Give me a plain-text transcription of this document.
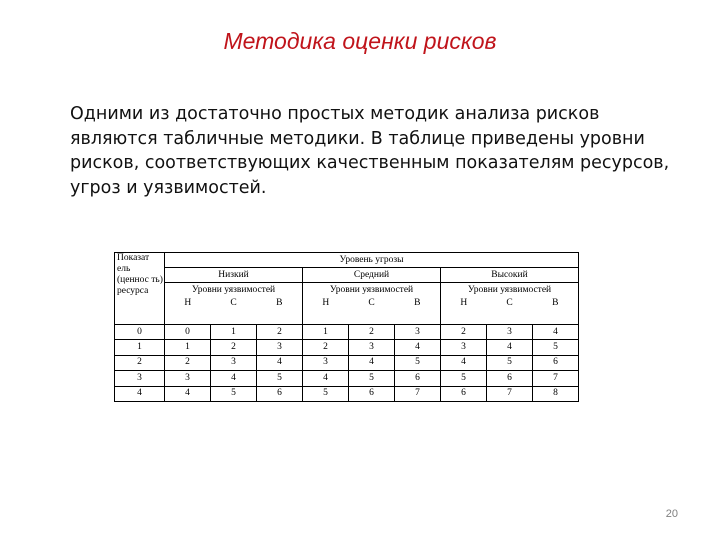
Методика оценки рисков
Одними из достаточно простых методик анализа рисков являются табличные методики. В таблице приведены уровни рисков, соответствующих качественным показателям ресурсов, угроз и уязвимостей.
Показат ель (ценнос ть) ресурса	Уровень угрозы								
	Низкий			Средний			Высокий		
	Уровни уязвимостей			Уровни уязвимостей			Уровни уязвимостей		
	Н	С	В	Н	С	В	Н	С	В
0	0	1	2	1	2	3	2	3	4
1	1	2	3	2	3	4	3	4	5
2	2	3	4	3	4	5	4	5	6
3	3	4	5	4	5	6	5	6	7
4	4	5	6	5	6	7	6	7	8
20
